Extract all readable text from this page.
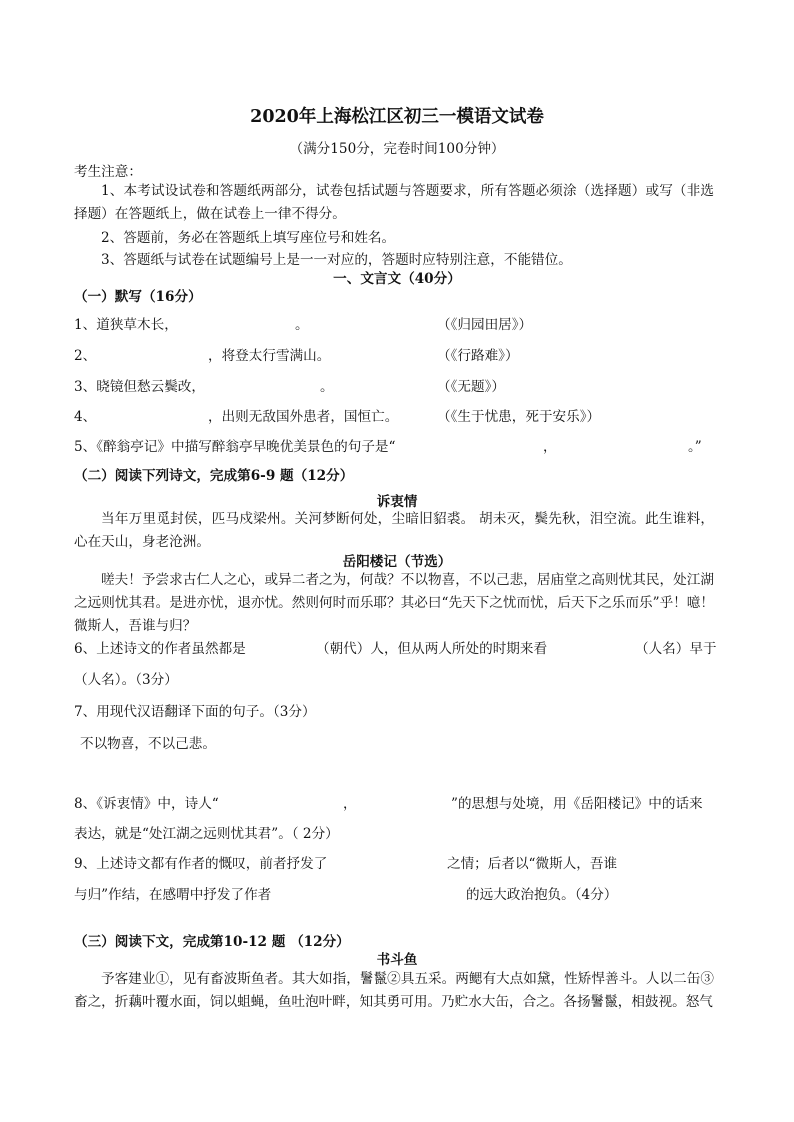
2020年上海松江区初三一模语文试卷
（满分150分，完卷时间100分钟）
考生注意：
1、本考试设试卷和答题纸两部分，试卷包括试题与答题要求，所有答题必须涂（选择题）或写（非选择题）在答题纸上，做在试卷上一律不得分。
2、答题前，务必在答题纸上填写座位号和姓名。
3、答题纸与试卷在试题编号上是一一对应的，答题时应特别注意，不能错位。
一、文言文（40分）
（一）默写（16分）
1、道狭草木长，	。	（《归园田居》）
2、	，将登太行雪满山。	（《行路难》）
3、晓镜但愁云鬓改，	。	（《无题》）
4、	，出则无敌国外患者，国恒亡。	（《生于忧患，死于安乐》）
5、《醉翁亭记》中描写醉翁亭早晚优美景色的句子是“	，	。”
（二）阅读下列诗文，完成第6-9 题（12分）
诉衷情
当年万里觅封侯，匹马戍梁州。关河梦断何处，尘暗旧貂裘。 胡未灭，鬓先秋，泪空流。此生谁料，心在天山，身老沧洲。
岳阳楼记（节选）
嗟夫！予尝求古仁人之心，或异二者之为，何哉？不以物喜，不以己悲，居庙堂之高则忧其民，处江湖之远则忧其君。是进亦忧，退亦忧。然则何时而乐耶？其必曰“先天下之忧而忧，后天下之乐而乐”乎！噫！微斯人，吾谁与归？
6、上述诗文的作者虽然都是	（朝代）人，但从两人所处的时期来看	（人名）早于
（人名）。（3分）
7、用现代汉语翻译下面的句子。（3分）
不以物喜，不以己悲。
8、《诉衷情》中，诗人“	，	”的思想与处境，用《岳阳楼记》中的话来
表达，就是“处江湖之远则忧其君”。（ 2分）
9、上述诗文都有作者的慨叹，前者抒发了	之情；后者以“微斯人，吾谁
与归”作结，在感喟中抒发了作者	的远大政治抱负。（4分）
（三）阅读下文，完成第10-12 题 （12分）
书斗鱼
予客建业①，见有畜波斯鱼者。其大如指，鬐鬣②具五采。两鳃有大点如黛，性矫悍善斗。人以二缶③畜之，折藕叶覆水面，饲以蛆蝇，鱼吐泡叶畔，知其勇可用。乃贮水大缶，合之。各扬鬐鬣，相鼓视。怒气
